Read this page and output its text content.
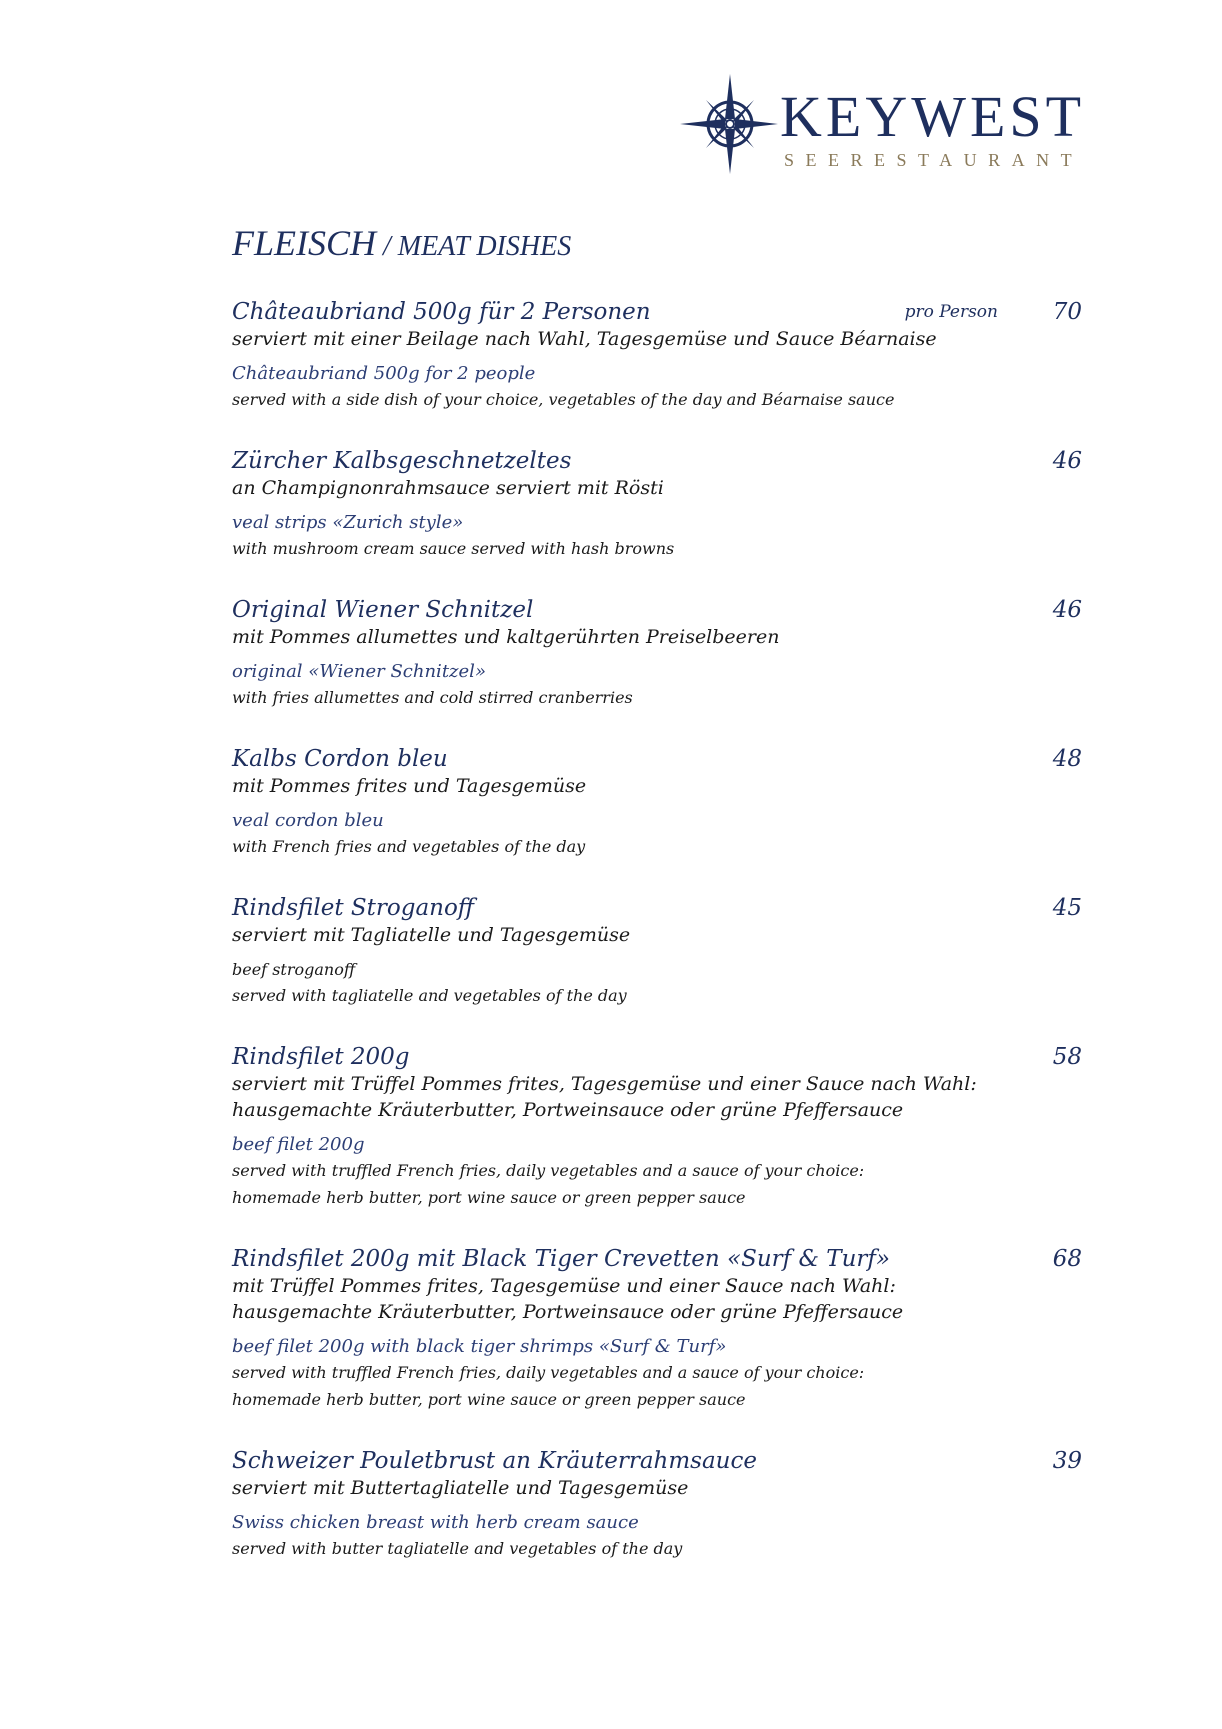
KEYWEST
SEERESTAURANT
FLEISCH / MEAT DISHES
Châteaubriand 500g für 2 Personen	pro Person 70
serviert mit einer Beilage nach Wahl, Tagesgemüse und Sauce Béarnaise
Châteaubriand 500g for 2 people
served with a side dish of your choice, vegetables of the day and Béarnaise sauce
Zürcher Kalbsgeschnetzeltes	46
an Champignonrahmsauce serviert mit Rösti
veal strips «Zurich style»
with mushroom cream sauce served with hash browns
Original Wiener Schnitzel	46
mit Pommes allumettes und kaltgerührten Preiselbeeren
original «Wiener Schnitzel»
with fries allumettes and cold stirred cranberries
Kalbs Cordon bleu	48
mit Pommes frites und Tagesgemüse
veal cordon bleu
with French fries and vegetables of the day
Rindsfilet Stroganoff	45
serviert mit Tagliatelle und Tagesgemüse
beef stroganoff
served with tagliatelle and vegetables of the day
Rindsfilet 200g	58
serviert mit Trüffel Pommes frites, Tagesgemüse und einer Sauce nach Wahl:
hausgemachte Kräuterbutter, Portweinsauce oder grüne Pfeffersauce
beef filet 200g
served with truffled French fries, daily vegetables and a sauce of your choice:
homemade herb butter, port wine sauce or green pepper sauce
Rindsfilet 200g mit Black Tiger Crevetten «Surf & Turf»	68
mit Trüffel Pommes frites, Tagesgemüse und einer Sauce nach Wahl:
hausgemachte Kräuterbutter, Portweinsauce oder grüne Pfeffersauce
beef filet 200g with black tiger shrimps «Surf & Turf»
served with truffled French fries, daily vegetables and a sauce of your choice:
homemade herb butter, port wine sauce or green pepper sauce
Schweizer Pouletbrust an Kräuterrahmsauce	39
serviert mit Buttertagliatelle und Tagesgemüse
Swiss chicken breast with herb cream sauce
served with butter tagliatelle and vegetables of the day
